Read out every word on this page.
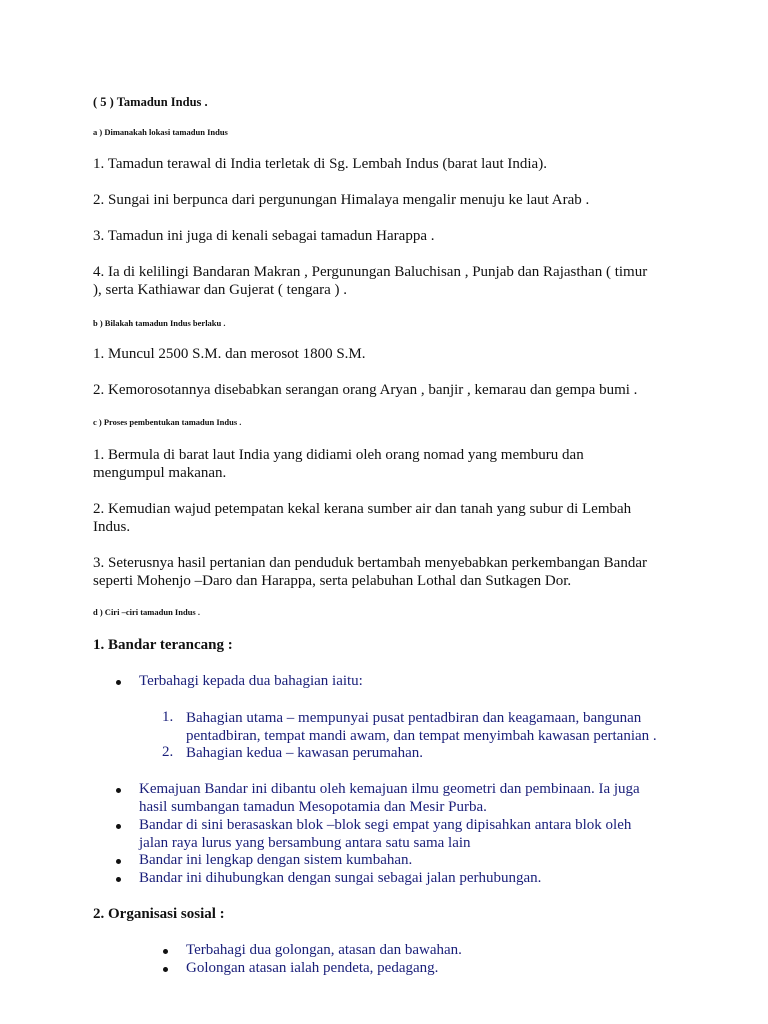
( 5 ) Tamadun Indus .
a ) Dimanakah lokasi tamadun Indus
1. Tamadun terawal di India terletak di Sg. Lembah Indus (barat laut India).
2. Sungai ini berpunca dari pergunungan Himalaya mengalir menuju ke laut Arab .
3. Tamadun ini juga di kenali sebagai tamadun Harappa .
4. Ia di kelilingi Bandaran Makran , Pergunungan Baluchisan , Punjab dan Rajasthan ( timur
), serta Kathiawar dan Gujerat ( tengara ) .
b ) Bilakah tamadun Indus berlaku .
1. Muncul 2500 S.M. dan merosot 1800 S.M.
2. Kemorosotannya disebabkan serangan orang Aryan , banjir , kemarau dan gempa bumi .
c ) Proses pembentukan tamadun Indus .
1. Bermula di barat laut India yang didiami oleh orang nomad yang memburu dan
mengumpul makanan.
2. Kemudian wajud petempatan kekal kerana sumber air dan tanah yang subur di Lembah
Indus.
3. Seterusnya hasil pertanian dan penduduk bertambah menyebabkan perkembangan Bandar
seperti Mohenjo –Daro dan Harappa, serta pelabuhan Lothal dan Sutkagen Dor.
d ) Ciri –ciri tamadun Indus .
1. Bandar terancang :
Terbahagi kepada dua bahagian iaitu:
1. Bahagian utama – mempunyai pusat pentadbiran dan keagamaan, bangunan
pentadbiran, tempat mandi awam, dan tempat menyimbah kawasan pertanian .
2. Bahagian kedua – kawasan perumahan.
Kemajuan Bandar ini dibantu oleh kemajuan ilmu geometri dan pembinaan. Ia juga
hasil sumbangan tamadun Mesopotamia dan Mesir Purba.
Bandar di sini berasaskan blok –blok segi empat yang dipisahkan antara blok oleh
jalan raya lurus yang bersambung antara satu sama lain
Bandar ini lengkap dengan sistem kumbahan.
Bandar ini dihubungkan dengan sungai sebagai jalan perhubungan.
2. Organisasi sosial :
Terbahagi dua golongan, atasan dan bawahan.
Golongan atasan ialah pendeta, pedagang.
